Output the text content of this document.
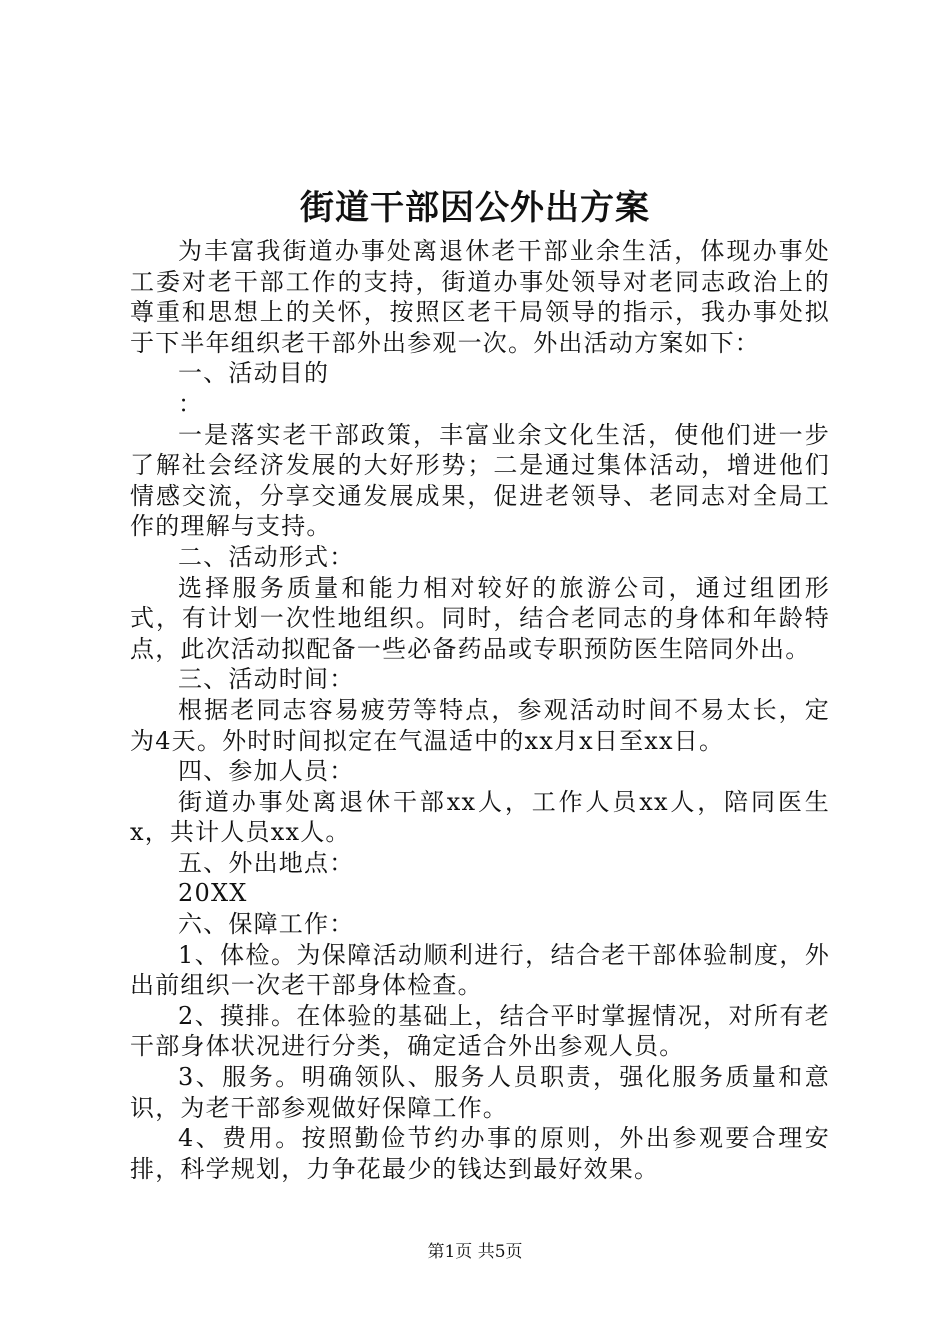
街道干部因公外出方案

为丰富我街道办事处离退休老干部业余生活，体现办事处工委对老干部工作的支持，街道办事处领导对老同志政治上的尊重和思想上的关怀，按照区老干局领导的指示，我办事处拟于下半年组织老干部外出参观一次。外出活动方案如下：

一、活动目的

：

一是落实老干部政策，丰富业余文化生活，使他们进一步了解社会经济发展的大好形势；二是通过集体活动，增进他们情感交流，分享交通发展成果，促进老领导、老同志对全局工作的理解与支持。

二、活动形式：

选择服务质量和能力相对较好的旅游公司，通过组团形式，有计划一次性地组织。同时，结合老同志的身体和年龄特点，此次活动拟配备一些必备药品或专职预防医生陪同外出。

三、活动时间：

根据老同志容易疲劳等特点，参观活动时间不易太长，定为4天。外时时间拟定在气温适中的xx月x日至xx日。

四、参加人员：

街道办事处离退休干部xx人，工作人员xx人，陪同医生x，共计人员xx人。

五、外出地点：

20XX

六、保障工作：

1、体检。为保障活动顺利进行，结合老干部体验制度，外出前组织一次老干部身体检查。

2、摸排。在体验的基础上，结合平时掌握情况，对所有老干部身体状况进行分类，确定适合外出参观人员。

3、服务。明确领队、服务人员职责，强化服务质量和意识，为老干部参观做好保障工作。

4、费用。按照勤俭节约办事的原则，外出参观要合理安排，科学规划，力争花最少的钱达到最好效果。

第1页 共5页
